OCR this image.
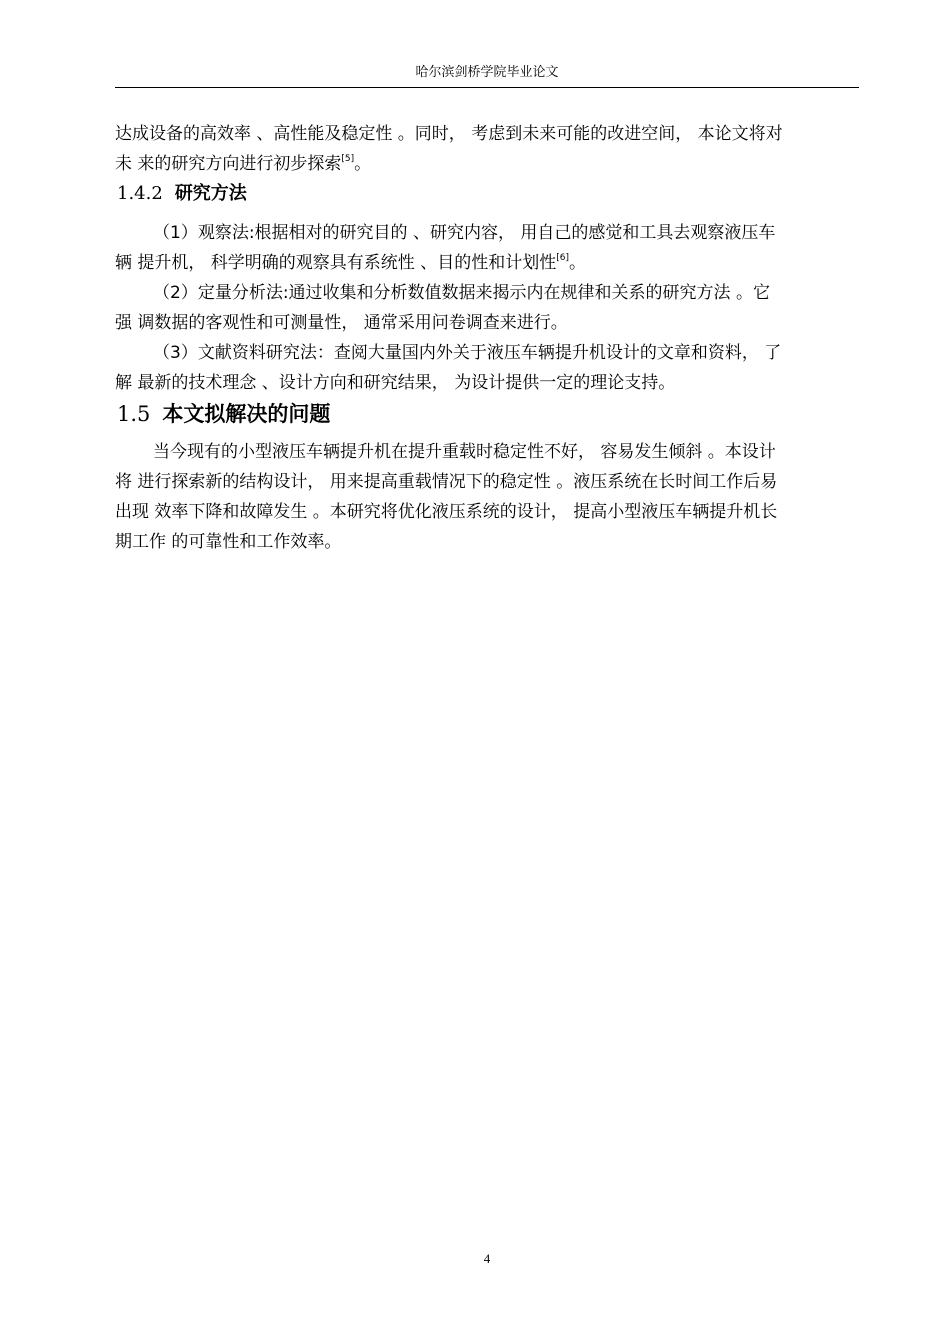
哈尔滨剑桥学院毕业论文

达成设备的高效率 、高性能及稳定性 。同时， 考虑到未来可能的改进空间， 本论文将对
未 来的研究方向进行初步探索[5]。

1.4.2 研究方法

（1）观察法:根据相对的研究目的 、研究内容， 用自己的感觉和工具去观察液压车
辆 提升机， 科学明确的观察具有系统性 、目的性和计划性[6]。

（2）定量分析法:通过收集和分析数值数据来揭示内在规律和关系的研究方法 。它
强 调数据的客观性和可测量性， 通常采用问卷调查来进行。

（3）文献资料研究法：查阅大量国内外关于液压车辆提升机设计的文章和资料， 了
解 最新的技术理念 、设计方向和研究结果， 为设计提供一定的理论支持。

1.5 本文拟解决的问题

当今现有的小型液压车辆提升机在提升重载时稳定性不好， 容易发生倾斜 。本设计
将 进行探索新的结构设计， 用来提高重载情况下的稳定性 。液压系统在长时间工作后易
出现 效率下降和故障发生 。本研究将优化液压系统的设计， 提高小型液压车辆提升机长
期工作 的可靠性和工作效率。

4
